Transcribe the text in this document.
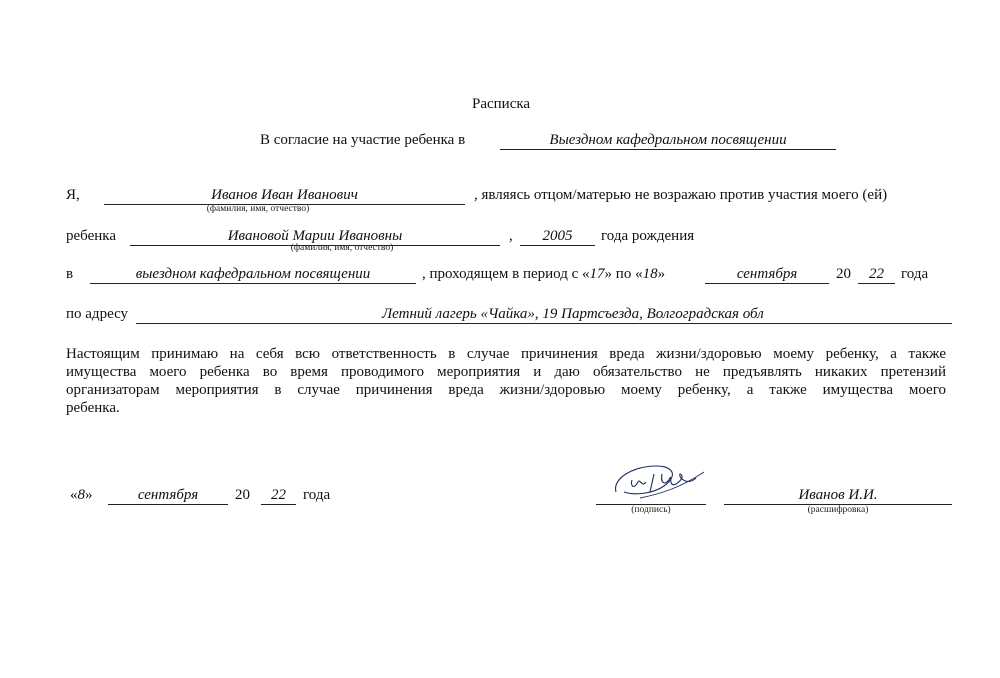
Расписка
В согласие на участие ребенка в	Выездном кафедральном посвящении
Я,	Иванов Иван Иванович
(фамилия, имя, отчество)
, являясь отцом/матерью не возражаю против участия моего (ей)
ребенка	Ивановой Марии Ивановны
(фамилия, имя, отчество)
,	2005	года рождения
в	выездном кафедральном посвящении	, проходящем в период с «17» по «18»	сентября	20	22	года
по адресу	Летний лагерь «Чайка», 19 Партсъезда, Волгоградская обл
Настоящим принимаю на себя всю ответственность в случае причинения вреда жизни/здоровью моему ребенку, а также
имущества моего ребенка во время проводимого мероприятия и даю обязательство не предъявлять никаких претензий
организаторам мероприятия в случае причинения вреда жизни/здоровью моему ребенку, а также имущества моего
ребенка.
«8»	сентября	20	22	года
(подпись)
Иванов И.И.
(расшифровка)
